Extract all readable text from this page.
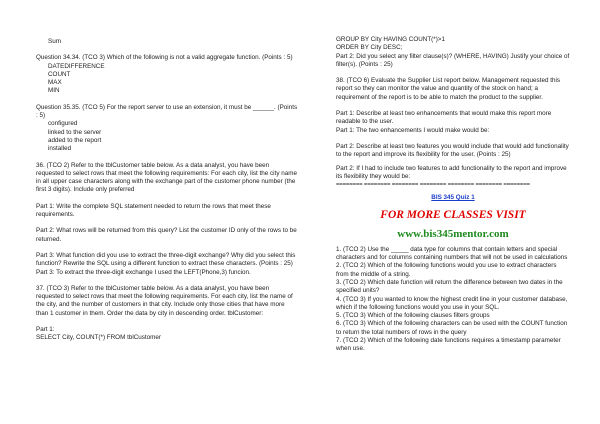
Sum

Question 34.34. (TCO 3) Which of the following is not a valid aggregate function. (Points : 5)

DATEDIFFERENCE

COUNT

MAX

MIN

Question 35.35. (TCO 5) For the report server to use an extension, it must be ______. (Points : 5)

configured

linked to the server

added to the report

installed

36. (TCO 2) Refer to the tblCustomer table below. As a data analyst, you have been requested to select rows that meet the following requirements: For each city, list the city name in all upper case characters along with the exchange part of the customer phone number (the first 3 digits). Include only preferred

Part 1: Write the complete SQL statement needed to return the rows that meet these requirements.

Part 2: What rows will be returned from this query? List the customer ID only of the rows to be returned.

Part 3: What function did you use to extract the three-digit exchange? Why did you select this function? Rewrite the SQL using a different function to extract these characters. (Points : 25)

Part 3: To extract the three-digit exchange I used the LEFT(Phone,3) funcion.

37. (TCO 3) Refer to the tblCustomer table below. As a data analyst, you have been requested to select rows that meet the following requirements. For each city, list the name of the city, and the number of customers in that city. Include only those cities that have more than 1 customer in them. Order the data by city in descending order. tblCustomer:

Part 1:

SELECT City, COUNT(*) FROM tblCustomer

GROUP BY City HAVING COUNT(*)>1

ORDER BY City DESC;

Part 2: Did you select any filter clause(s)? (WHERE, HAVING) Justify your choice of filter(s). (Points : 25)

38. (TCO 6) Evaluate the Supplier List report below. Management requested this report so they can monitor the value and quantity of the stock on hand; a requirement of the report is to be able to match the product to the supplier.

Part 1: Describe at least two enhancements that would make this report more readable to the user.

Part 1: The two enhancements I would make would be:

Part 2: Describe at least two features you would include that would add functionality to the report and improve its flexibility for the user. (Points : 25)

Part 2: If I had to include two features to add functionality to the report and improve its flexibility they would be:

======== ======== ======== ======== ======== ======== ========

BIS 345 Quiz 1

FOR MORE CLASSES VISIT

www.bis345mentor.com

1. (TCO 2) Use the _____ data type for columns that contain letters and special characters and for columns containing numbers that will not be used in calculations

2. (TCO 2) Which of the following functions would you use to extract characters from the middle of a string.

3. (TCO 2) Which date function will return the difference between two dates in the specified units?

4. (TCO 3) If you wanted to know the highest credit line in your customer database, which if the following functions would you use in your SQL.

5. (TCO 3) Which of the following clauses filters groups

6. (TCO 3) Which of the following characters can be used with the COUNT function to return the total numbers of rows in the query

7. (TCO 2) Which of the following date functions requires a timestamp parameter when use.
